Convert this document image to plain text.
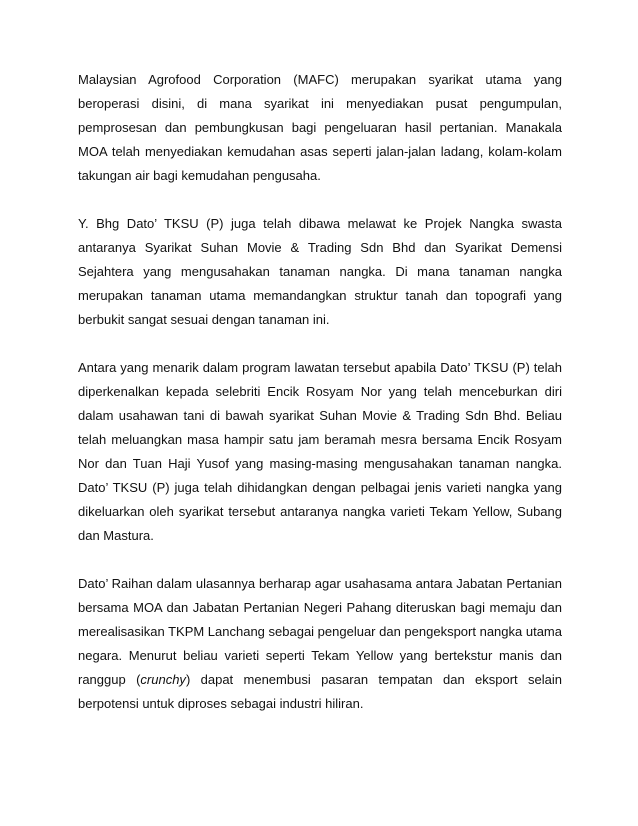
Malaysian Agrofood Corporation (MAFC) merupakan syarikat utama yang beroperasi disini, di mana syarikat ini menyediakan pusat pengumpulan, pemprosesan dan pembungkusan bagi pengeluaran hasil pertanian. Manakala MOA telah menyediakan kemudahan asas seperti jalan-jalan ladang, kolam-kolam takungan air bagi kemudahan pengusaha.

Y. Bhg Dato’ TKSU (P) juga telah dibawa melawat ke Projek Nangka swasta antaranya Syarikat Suhan Movie & Trading Sdn Bhd dan Syarikat Demensi Sejahtera yang mengusahakan tanaman nangka. Di mana tanaman nangka merupakan tanaman utama memandangkan struktur tanah dan topografi yang berbukit sangat sesuai dengan tanaman ini.

Antara yang menarik dalam program lawatan tersebut apabila Dato’ TKSU (P) telah diperkenalkan kepada selebriti Encik Rosyam Nor yang telah menceburkan diri dalam usahawan tani di bawah syarikat Suhan Movie & Trading Sdn Bhd. Beliau telah meluangkan masa hampir satu jam beramah mesra bersama Encik Rosyam Nor dan Tuan Haji Yusof yang masing-masing mengusahakan tanaman nangka. Dato’ TKSU (P) juga telah dihidangkan dengan pelbagai jenis varieti nangka yang dikeluarkan oleh syarikat tersebut antaranya nangka varieti Tekam Yellow, Subang dan Mastura.

Dato’ Raihan dalam ulasannya berharap agar usahasama antara Jabatan Pertanian bersama MOA dan Jabatan Pertanian Negeri Pahang diteruskan bagi memaju dan merealisasikan TKPM Lanchang sebagai pengeluar dan pengeksport nangka utama negara. Menurut beliau varieti seperti Tekam Yellow yang bertekstur manis dan ranggup (crunchy) dapat menembusi pasaran tempatan dan eksport selain berpotensi untuk diproses sebagai industri hiliran.
